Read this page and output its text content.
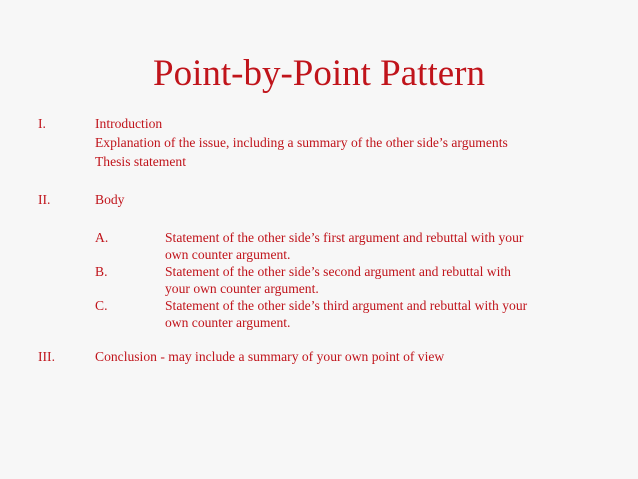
Point-by-Point Pattern
I.	Introduction
Explanation of the issue, including a summary of the other side’s arguments
Thesis statement
II.	Body
A.	Statement of the other side’s first argument and rebuttal with your
own counter argument.
B.	Statement of the other side’s second argument and rebuttal with
your own counter argument.
C.	Statement of the other side’s third argument and rebuttal with your
own counter argument.
III.	Conclusion - may include a summary of your own point of view
